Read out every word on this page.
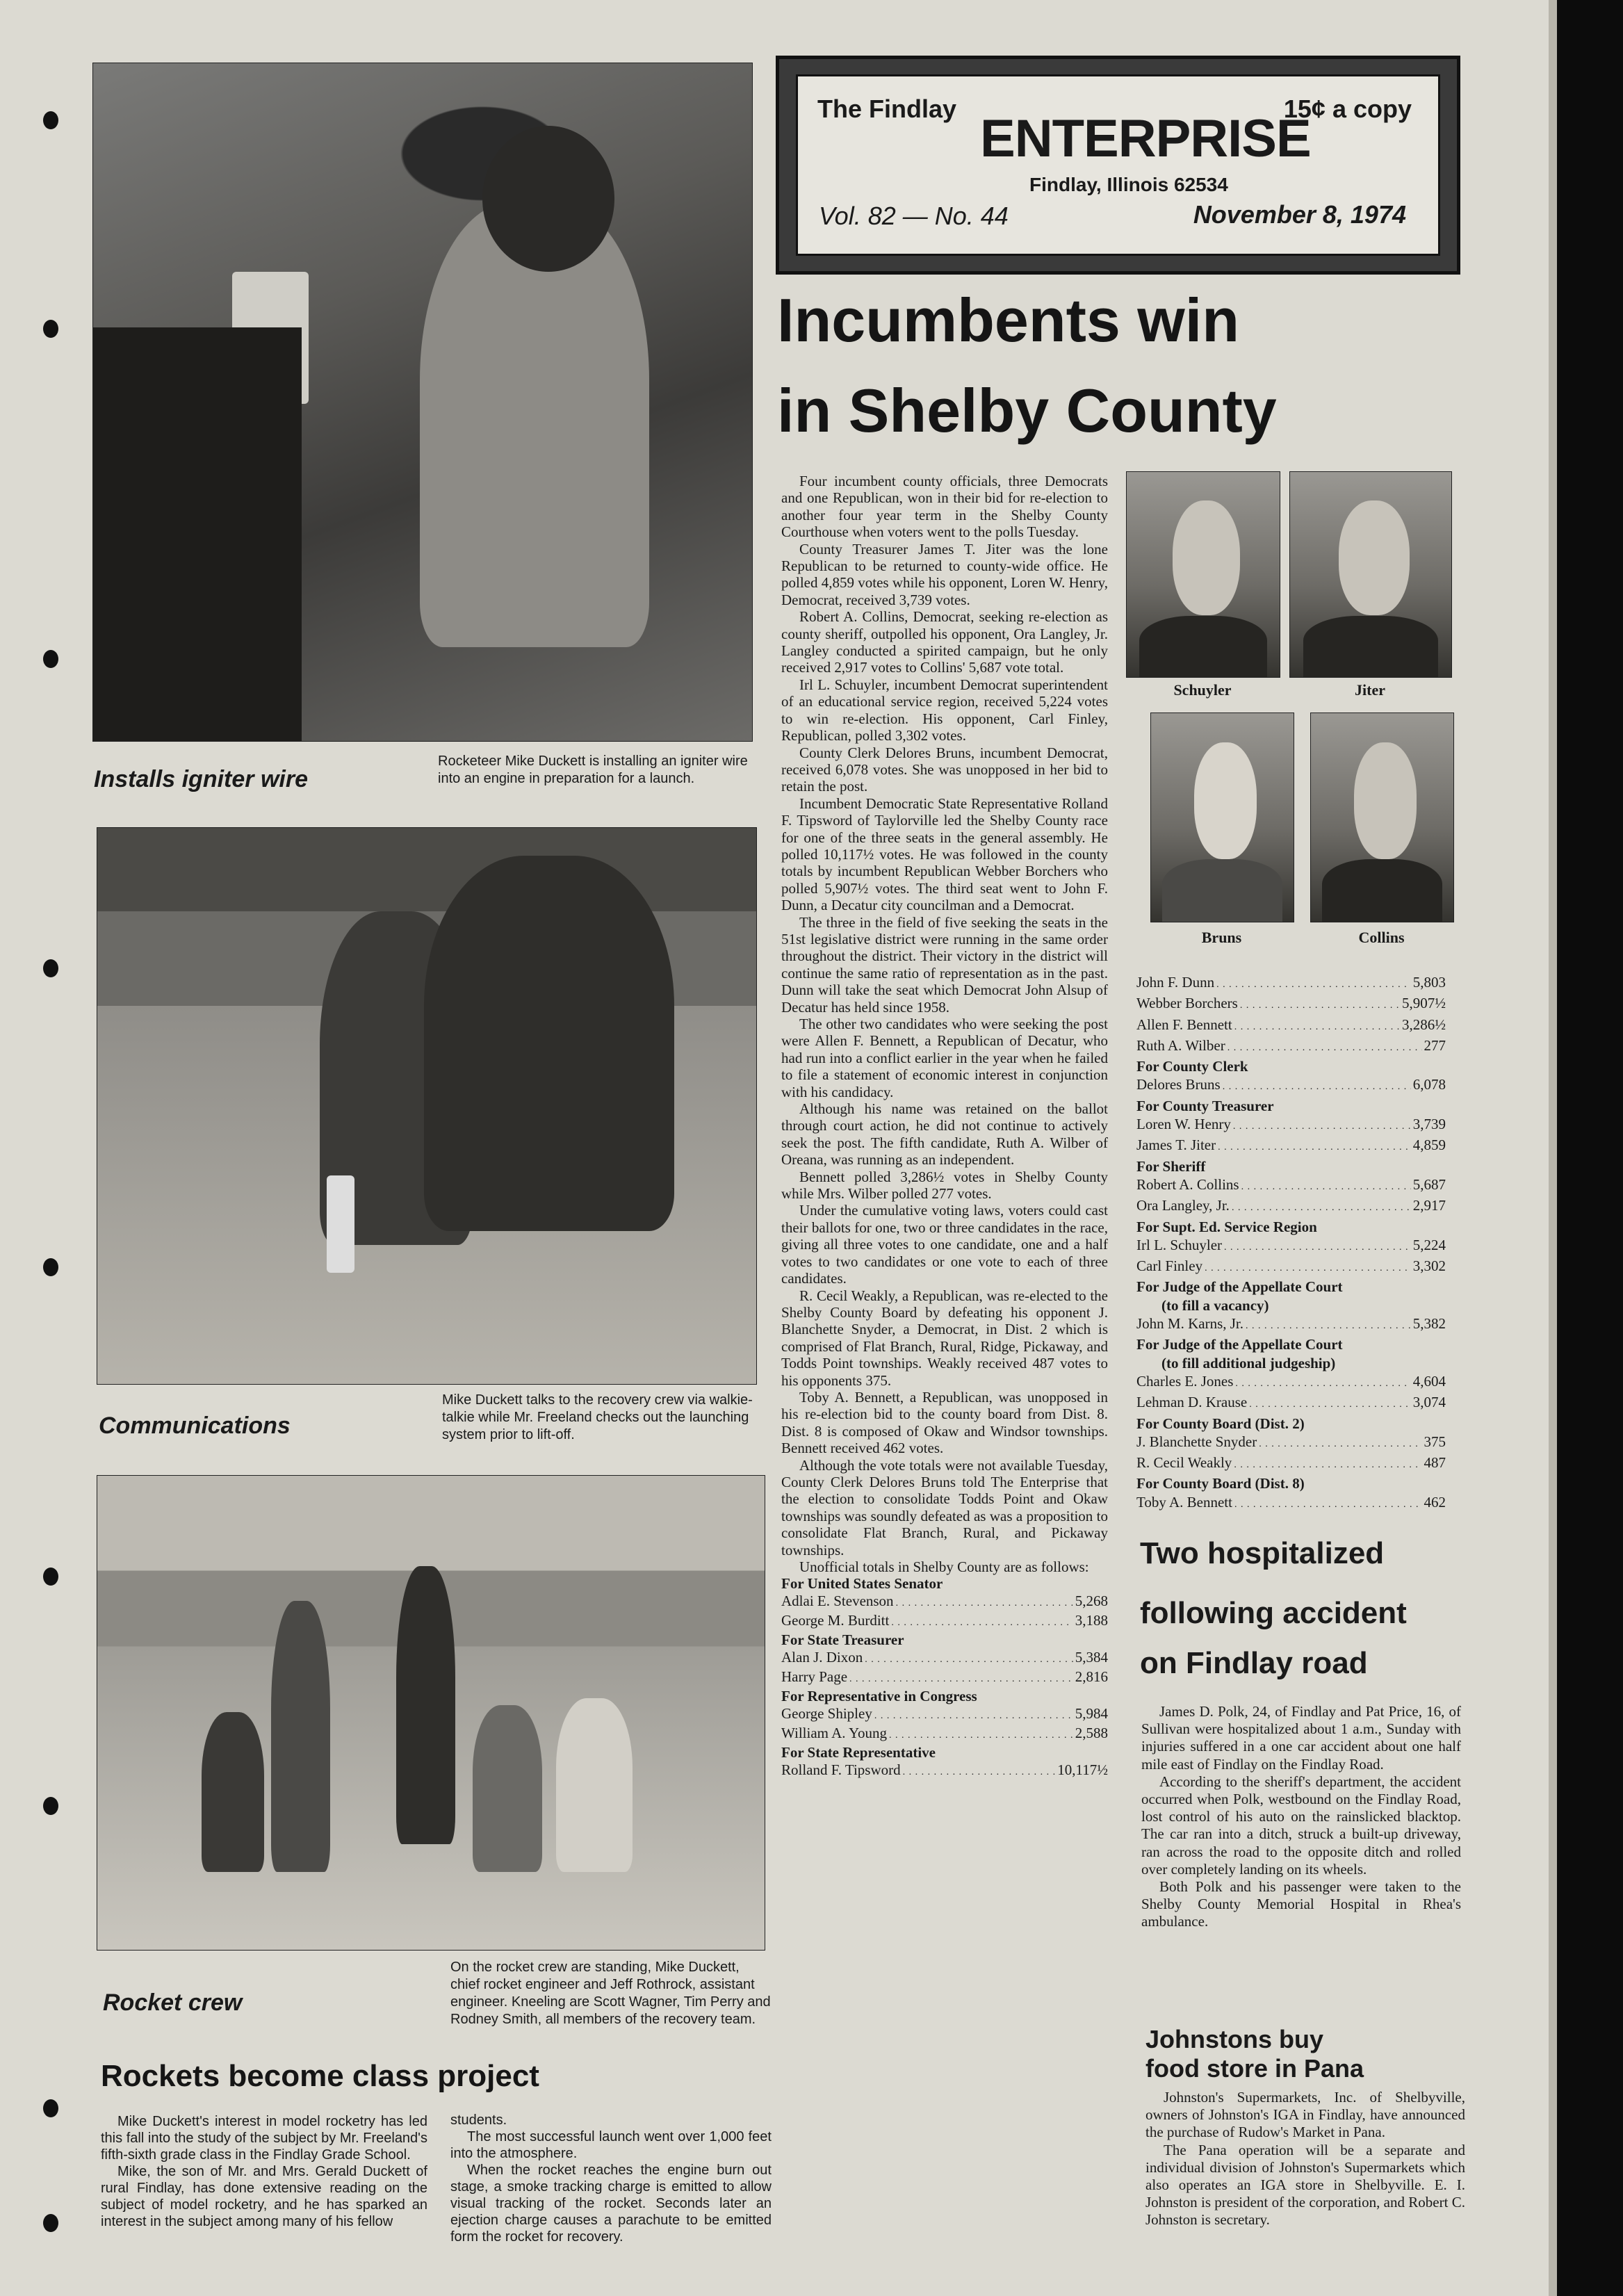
Installs igniter wire
Rocketeer Mike Duckett is installing an igniter wire into an engine in preparation for a launch.
Communications
Mike Duckett talks to the recovery crew via walkie-talkie while Mr. Freeland checks out the launching system prior to lift-off.
Rocket crew
On the rocket crew are standing, Mike Duckett, chief rocket engineer and Jeff Rothrock, assistant engineer. Kneeling are Scott Wagner, Tim Perry and Rodney Smith, all members of the recovery team.
Rockets become class project

Mike Duckett's interest in model rocketry has led this fall into the study of the subject by Mr. Freeland's fifth-sixth grade class in the Findlay Grade School.

Mike, the son of Mr. and Mrs. Gerald Duckett of rural Findlay, has done extensive reading on the subject of model rocketry, and he has sparked an interest in the subject among many of his fellow

students.

The most successful launch went over 1,000 feet into the atmosphere.

When the rocket reaches the engine burn out stage, a smoke tracking charge is emitted to allow visual tracking of the rocket. Seconds later an ejection charge causes a parachute to be emitted form the rocket for recovery.

The Findlay
ENTERPRISE
15¢ a copy
Findlay, Illinois 62534
Vol. 82 — No. 44	November 8, 1974
Incumbents win
in Shelby County

Four incumbent county officials, three Democrats and one Republican, won in their bid for re-election to another four year term in the Shelby County Courthouse when voters went to the polls Tuesday.

County Treasurer James T. Jiter was the lone Republican to be returned to county-wide office. He polled 4,859 votes while his opponent, Loren W. Henry, Democrat, received 3,739 votes.

Robert A. Collins, Democrat, seeking re-election as county sheriff, outpolled his opponent, Ora Langley, Jr. Langley conducted a spirited campaign, but he only received 2,917 votes to Collins' 5,687 vote total.

Irl L. Schuyler, incumbent Democrat superintendent of an educational service region, received 5,224 votes to win re-election. His opponent, Carl Finley, Republican, polled 3,302 votes.

County Clerk Delores Bruns, incumbent Democrat, received 6,078 votes. She was unopposed in her bid to retain the post.

Incumbent Democratic State Representative Rolland F. Tipsword of Taylorville led the Shelby County race for one of the three seats in the general assembly. He polled 10,117½ votes. He was followed in the county totals by incumbent Republican Webber Borchers who polled 5,907½ votes. The third seat went to John F. Dunn, a Decatur city councilman and a Democrat.

The three in the field of five seeking the seats in the 51st legislative district were running in the same order throughout the district. Their victory in the district will continue the same ratio of representation as in the past. Dunn will take the seat which Democrat John Alsup of Decatur has held since 1958.

The other two candidates who were seeking the post were Allen F. Bennett, a Republican of Decatur, who had run into a conflict earlier in the year when he failed to file a statement of economic interest in conjunction with his candidacy.

Although his name was retained on the ballot through court action, he did not continue to actively seek the post. The fifth candidate, Ruth A. Wilber of Oreana, was running as an independent.

Bennett polled 3,286½ votes in Shelby County while Mrs. Wilber polled 277 votes.

Under the cumulative voting laws, voters could cast their ballots for one, two or three candidates in the race, giving all three votes to one candidate, one and a half votes to two candidates or one vote to each of three candidates.

R. Cecil Weakly, a Republican, was re-elected to the Shelby County Board by defeating his opponent J. Blanchette Snyder, a Democrat, in Dist. 2 which is comprised of Flat Branch, Rural, Ridge, Pickaway, and Todds Point townships. Weakly received 487 votes to his opponents 375.

Toby A. Bennett, a Republican, was unopposed in his re-election bid to the county board from Dist. 8. Dist. 8 is composed of Okaw and Windsor townships. Bennett received 462 votes.

Although the vote totals were not available Tuesday, County Clerk Delores Bruns told The Enterprise that the election to consolidate Todds Point and Okaw townships was soundly defeated as was a proposition to consolidate Flat Branch, Rural, and Pickaway townships.

Unofficial totals in Shelby County are as follows:

For United States Senator
Adlai E. Stevenson . . .	5,268
George M. Burditt . . .	3,188
For State Treasurer
Alan J. Dixon . . .	5,384
Harry Page . . .	2,816
For Representative in Congress
George Shipley . . .	5,984
William A. Young . . .	2,588
For State Representative
Rolland F. Tipsword . . .	10,117½
Schuyler	Jiter
Bruns	Collins
John F. Dunn . . .	5,803
Webber Borchers . . .	5,907½
Allen F. Bennett . . .	3,286½
Ruth A. Wilber . . .	277
For County Clerk
Delores Bruns . . .	6,078
For County Treasurer
Loren W. Henry . . .	3,739
James T. Jiter . . .	4,859
For Sheriff
Robert A. Collins . . .	5,687
Ora Langley, Jr. . . .	2,917
For Supt. Ed. Service Region
Irl L. Schuyler . . .	5,224
Carl Finley . . .	3,302
For Judge of the Appellate Court
(to fill a vacancy)
John M. Karns, Jr. . . .	5,382
For Judge of the Appellate Court
(to fill additional judgeship)
Charles E. Jones . . .	4,604
Lehman D. Krause . . .	3,074
For County Board (Dist. 2)
J. Blanchette Snyder . . .	375
R. Cecil Weakly . . .	487
For County Board (Dist. 8)
Toby A. Bennett . . .	462
Two hospitalized
following accident
on Findlay road

James D. Polk, 24, of Findlay and Pat Price, 16, of Sullivan were hospitalized about 1 a.m., Sunday with injuries suffered in a one car accident about one half mile east of Findlay on the Findlay Road.

According to the sheriff's department, the accident occurred when Polk, westbound on the Findlay Road, lost control of his auto on the rainslicked blacktop. The car ran into a ditch, struck a built-up driveway, ran across the road to the opposite ditch and rolled over completely landing on its wheels.

Both Polk and his passenger were taken to the Shelby County Memorial Hospital in Rhea's ambulance.

Johnstons buy
food store in Pana

Johnston's Supermarkets, Inc. of Shelbyville, owners of Johnston's IGA in Findlay, have announced the purchase of Rudow's Market in Pana.

The Pana operation will be a separate and individual division of Johnston's Supermarkets which also operates an IGA store in Shelbyville. E. I. Johnston is president of the corporation, and Robert C. Johnston is secretary.
